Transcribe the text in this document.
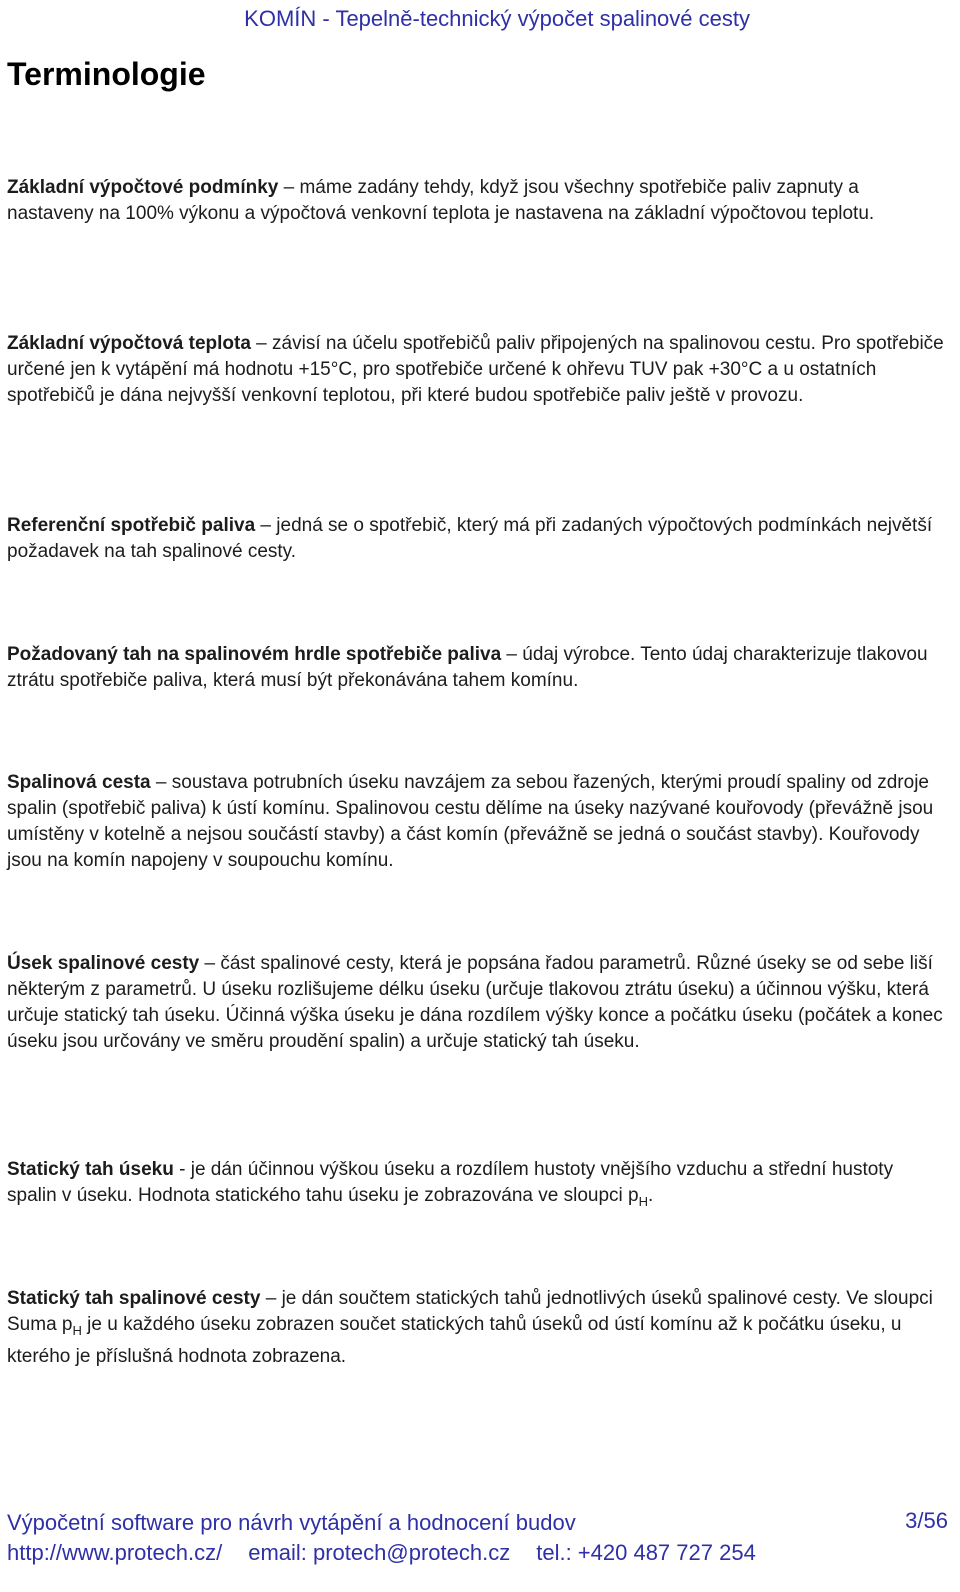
KOMÍN - Tepelně-technický výpočet spalinové cesty
Terminologie
Základní výpočtové podmínky – máme zadány tehdy, když jsou všechny spotřebiče paliv zapnuty a nastaveny na 100% výkonu a výpočtová venkovní teplota je nastavena na základní výpočtovou teplotu.
Základní výpočtová teplota – závisí na účelu spotřebičů paliv připojených na spalinovou cestu. Pro spotřebiče určené jen k vytápění má hodnotu +15°C, pro spotřebiče určené k ohřevu TUV pak +30°C a u ostatních spotřebičů je dána nejvyšší venkovní teplotou, při které budou spotřebiče paliv ještě v provozu.
Referenční spotřebič paliva – jedná se o spotřebič, který má při zadaných výpočtových podmínkách největší požadavek na tah spalinové cesty.
Požadovaný tah na spalinovém hrdle spotřebiče paliva – údaj výrobce. Tento údaj charakterizuje tlakovou ztrátu spotřebiče paliva, která musí být překonávána tahem komínu.
Spalinová cesta – soustava potrubních úseku navzájem za sebou řazených, kterými proudí spaliny od zdroje spalin (spotřebič paliva) k ústí komínu. Spalinovou cestu dělíme na úseky nazývané kouřovody (převážně jsou umístěny v kotelně a nejsou součástí stavby) a část komín (převážně se jedná o součást stavby). Kouřovody jsou na komín napojeny v soupouchu komínu.
Úsek spalinové cesty – část spalinové cesty, která je popsána řadou parametrů. Různé úseky se od sebe liší některým z parametrů. U úseku rozlišujeme délku úseku (určuje tlakovou ztrátu úseku) a účinnou výšku, která určuje statický tah úseku. Účinná výška úseku je dána rozdílem výšky konce a počátku úseku (počátek a konec úseku jsou určovány ve směru proudění spalin) a určuje statický tah úseku.
Statický tah úseku - je dán účinnou výškou úseku a rozdílem hustoty vnějšího vzduchu a střední hustoty spalin v úseku. Hodnota statického tahu úseku je zobrazována ve sloupci $p_H$.
Statický tah spalinové cesty – je dán součtem statických tahů jednotlivých úseků spalinové cesty. Ve sloupci Suma $p_H$ je u každého úseku zobrazen součet statických tahů úseků od ústí komínu až k počátku úseku, u kterého je příslušná hodnota zobrazena.
Výpočetní software pro návrh vytápění a hodnocení budov
http://www.protech.cz/ email: protech@protech.cz tel.: +420 487 727 254
3/56
